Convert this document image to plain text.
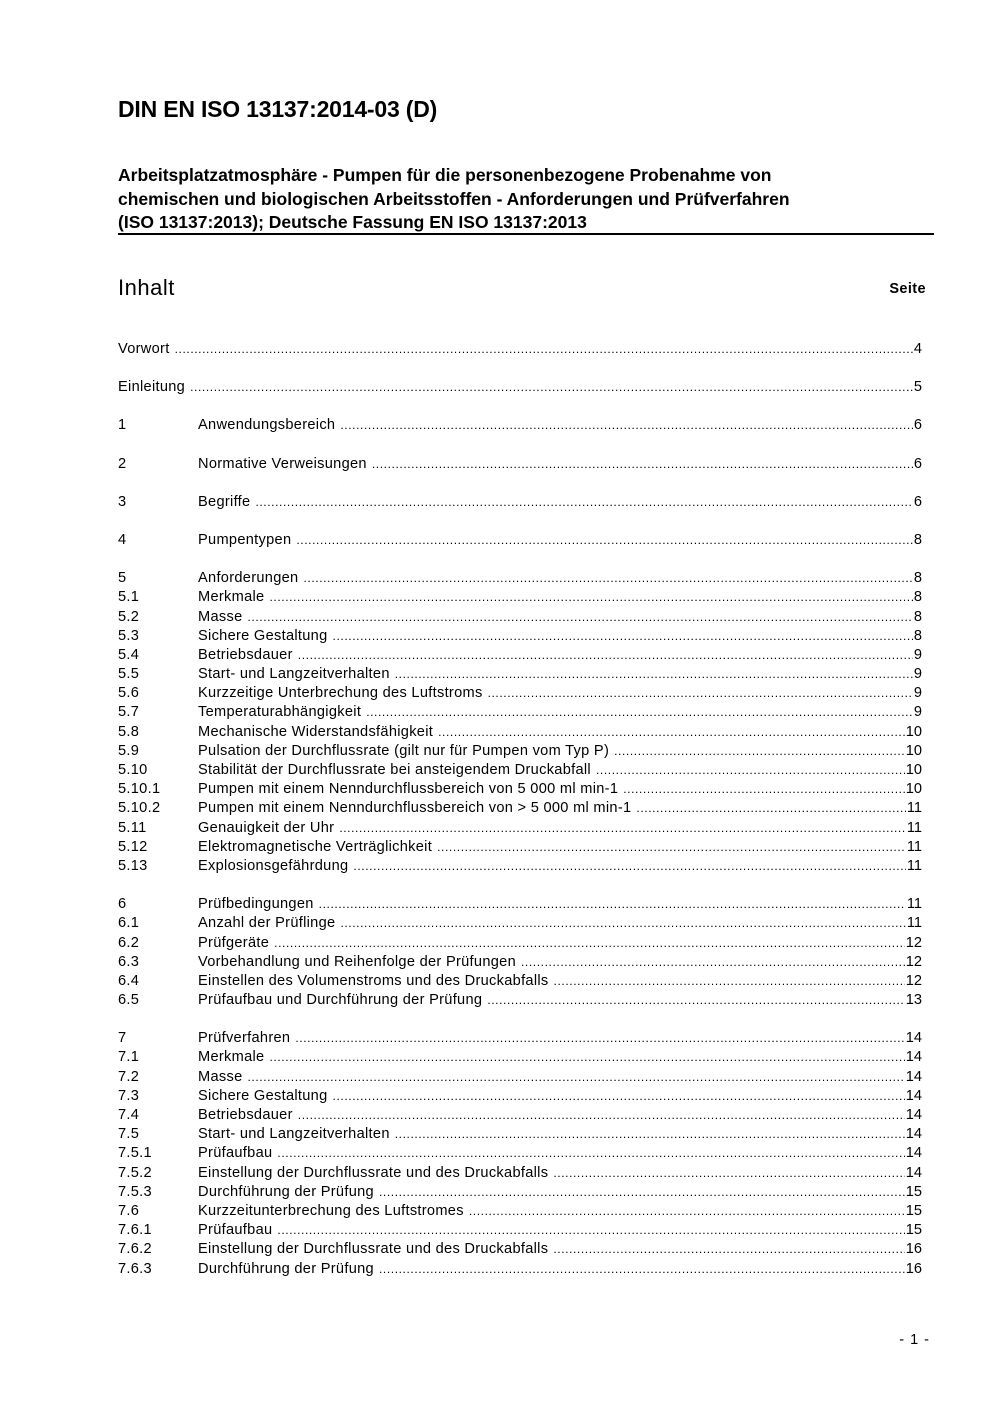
DIN EN ISO 13137:2014-03 (D)
Arbeitsplatzatmosphäre - Pumpen für die personenbezogene Probenahme von
chemischen und biologischen Arbeitsstoffen - Anforderungen und Prüfverfahren
(ISO 13137:2013); Deutsche Fassung EN ISO 13137:2013
Inhalt	Seite
Vorwort .....	4
Einleitung .....	5
1	Anwendungsbereich .....	6
2	Normative Verweisungen .....	6
3	Begriffe .....	6
4	Pumpentypen .....	8
5	Anforderungen .....	8
5.1	Merkmale .....	8
5.2	Masse .....	8
5.3	Sichere Gestaltung .....	8
5.4	Betriebsdauer .....	9
5.5	Start- und Langzeitverhalten .....	9
5.6	Kurzzeitige Unterbrechung des Luftstroms .....	9
5.7	Temperaturabhängigkeit .....	9
5.8	Mechanische Widerstandsfähigkeit .....	10
5.9	Pulsation der Durchflussrate (gilt nur für Pumpen vom Typ P) .....	10
5.10	Stabilität der Durchflussrate bei ansteigendem Druckabfall .....	10
5.10.1	Pumpen mit einem Nenndurchflussbereich von 5 000 ml min-1 .....	10
5.10.2	Pumpen mit einem Nenndurchflussbereich von > 5 000 ml min-1 .....	11
5.11	Genauigkeit der Uhr .....	11
5.12	Elektromagnetische Verträglichkeit .....	11
5.13	Explosionsgefährdung .....	11
6	Prüfbedingungen .....	11
6.1	Anzahl der Prüflinge .....	11
6.2	Prüfgeräte .....	12
6.3	Vorbehandlung und Reihenfolge der Prüfungen .....	12
6.4	Einstellen des Volumenstroms und des Druckabfalls .....	12
6.5	Prüfaufbau und Durchführung der Prüfung .....	13
7	Prüfverfahren .....	14
7.1	Merkmale .....	14
7.2	Masse .....	14
7.3	Sichere Gestaltung .....	14
7.4	Betriebsdauer .....	14
7.5	Start- und Langzeitverhalten .....	14
7.5.1	Prüfaufbau .....	14
7.5.2	Einstellung der Durchflussrate und des Druckabfalls .....	14
7.5.3	Durchführung der Prüfung .....	15
7.6	Kurzzeitunterbrechung des Luftstromes .....	15
7.6.1	Prüfaufbau .....	15
7.6.2	Einstellung der Durchflussrate und des Druckabfalls .....	16
7.6.3	Durchführung der Prüfung .....	16
- 1 -
